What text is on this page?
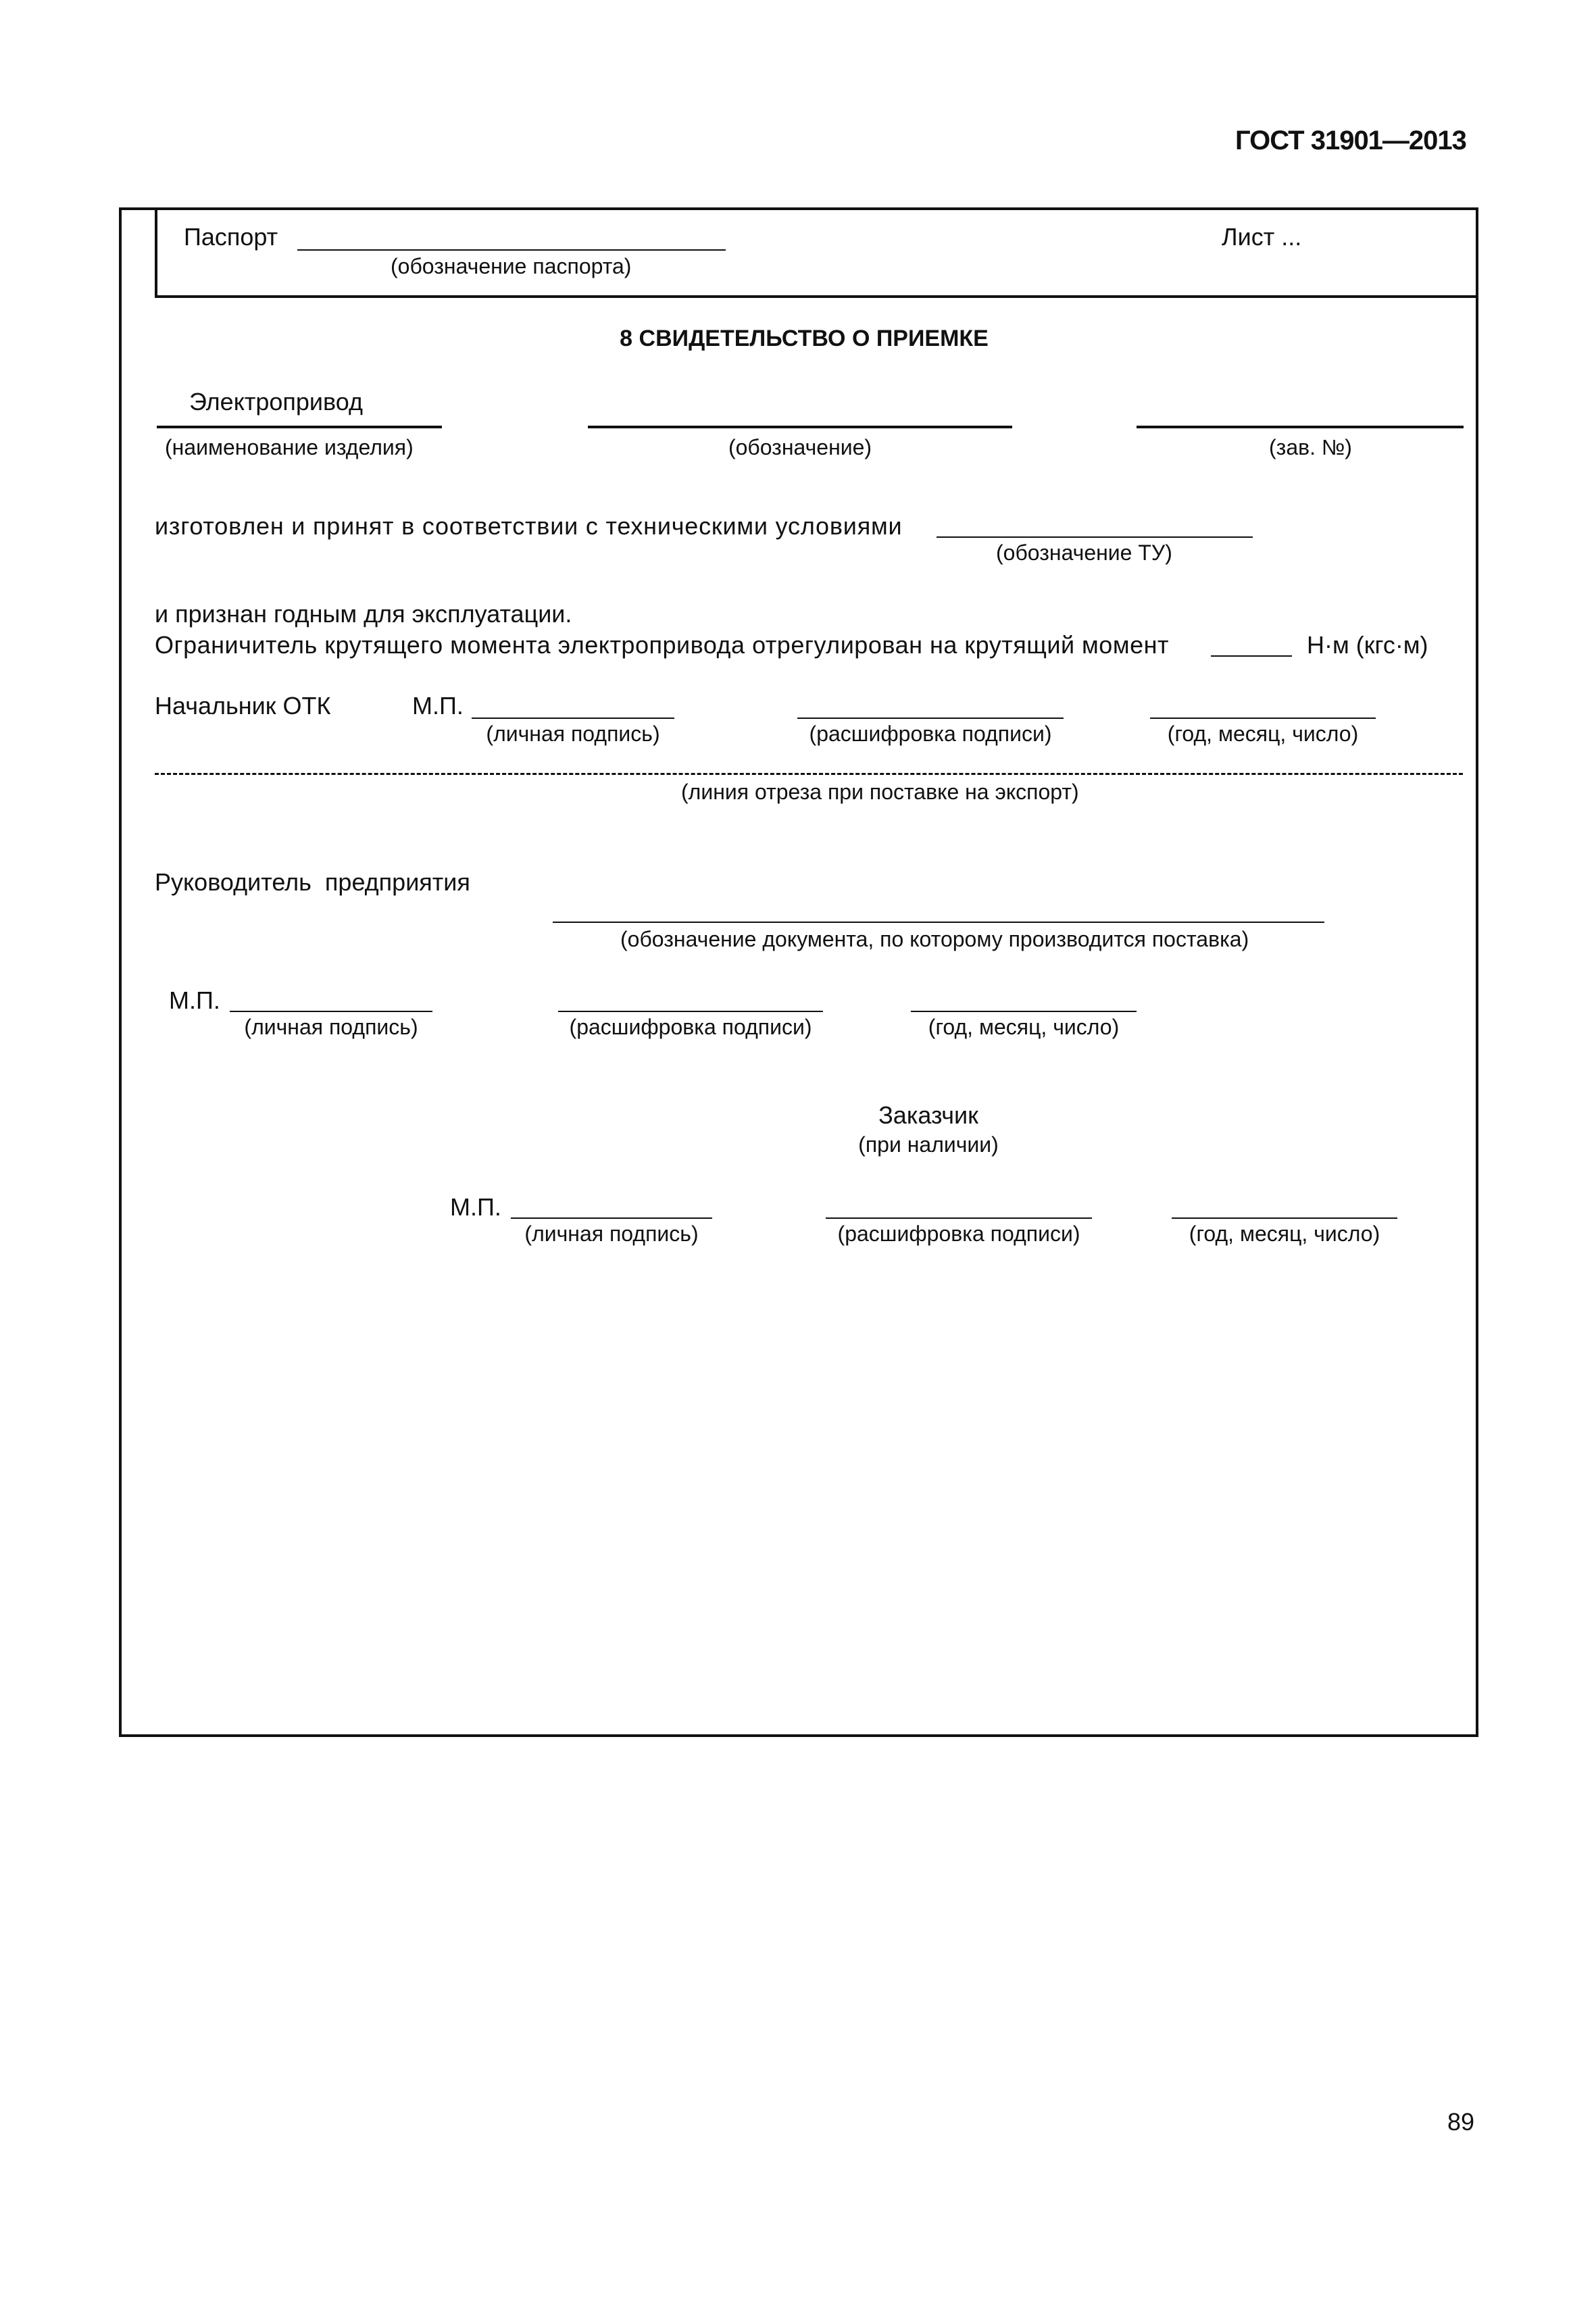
ГОСТ 31901—2013
Паспорт
(обозначение паспорта)
Лист ...
8 СВИДЕТЕЛЬСТВО О ПРИЕМКЕ
Электропривод
(наименование изделия)	(обозначение)	(зав. №)
изготовлен и принят в соответствии с техническими условиями
(обозначение ТУ)
и признан годным для эксплуатации.
Ограничитель крутящего момента электропривода отрегулирован на крутящий момент	Н·м (кгс·м)
Начальник ОТК	М.П.
(личная подпись)	(расшифровка подписи)	(год, месяц, число)
(линия отреза при поставке на экспорт)
Руководитель предприятия
(обозначение документа, по которому производится поставка)
М.П.
(личная подпись)	(расшифровка подписи)	(год, месяц, число)
Заказчик
(при наличии)
М.П.
(личная подпись)	(расшифровка подписи)	(год, месяц, число)
89
